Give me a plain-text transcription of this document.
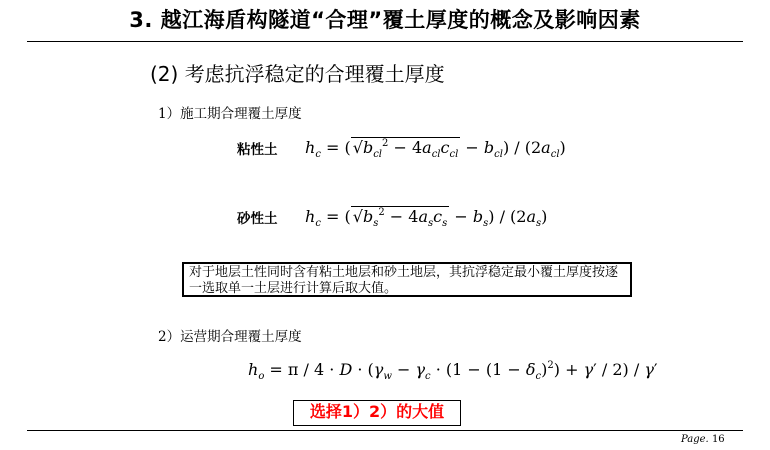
3. 越江海盾构隧道“合理”覆土厚度的概念及影响因素
(2) 考虑抗浮稳定的合理覆土厚度
1）施工期合理覆土厚度
粘性土 $h_c$ = ( $√b_{cl}^2 - 4a_{cl}c_{cl} - b_{cl}) / (2a_{cl})$
砂性土 $h_c$ = ( $√b_s^2 - 4a_sc_s - b_s) / (2a_s)$
对于地层土性同时含有粘土地层和砂土地层，其抗浮稳定最小覆土厚度按逐一选取单一土层进行计算后取大值。
2）运营期合理覆土厚度
$h_o = \pi / 4 \cdot D \cdot (\gamma_w - \gamma_c \cdot (1 - (1 - \delta_c)^2) + \gamma' / 2) / \gamma'$
选择1）2）的大值
Page. 16
